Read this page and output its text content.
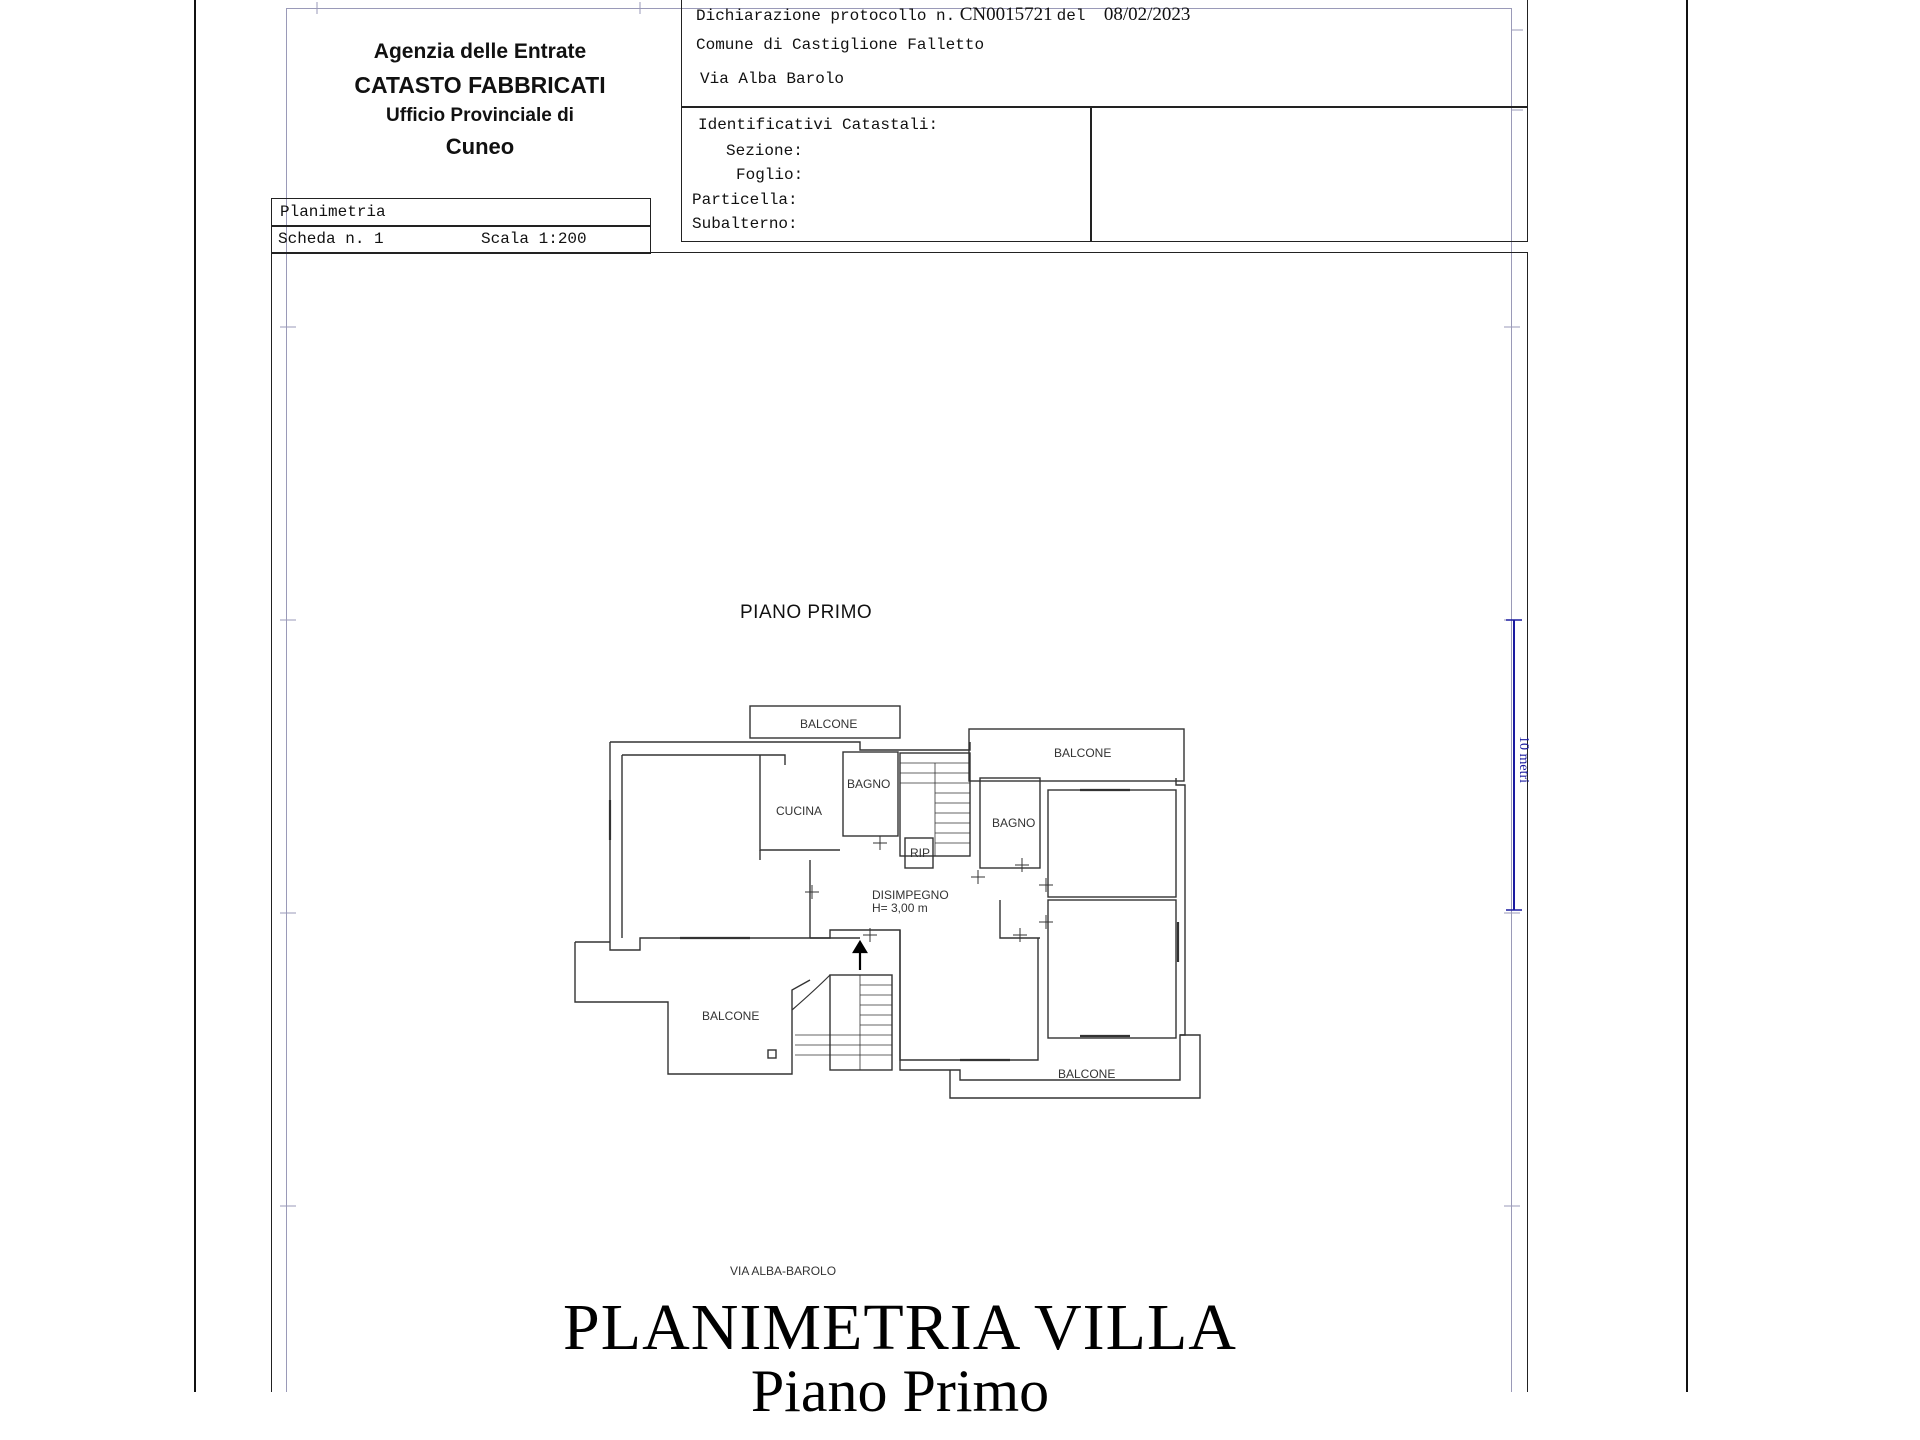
Agenzia delle Entrate
CATASTO FABBRICATI
Ufficio Provinciale di
Cuneo
Planimetria
Scheda n. 1	Scala 1:200
Dichiarazione protocollo n. CN0015721 del 08/02/2023
Comune di Castiglione Falletto
Via Alba Barolo
Identificativi Catastali:
Sezione:
Foglio:
Particella:
Subalterno:
PIANO PRIMO
BALCONE
BALCONE
CUCINA
BAGNO
RIP
BAGNO
DISIMPEGNO
H= 3,00 m
BALCONE
BALCONE
10 metri
VIA ALBA-BAROLO
PLANIMETRIA VILLA
Piano Primo
